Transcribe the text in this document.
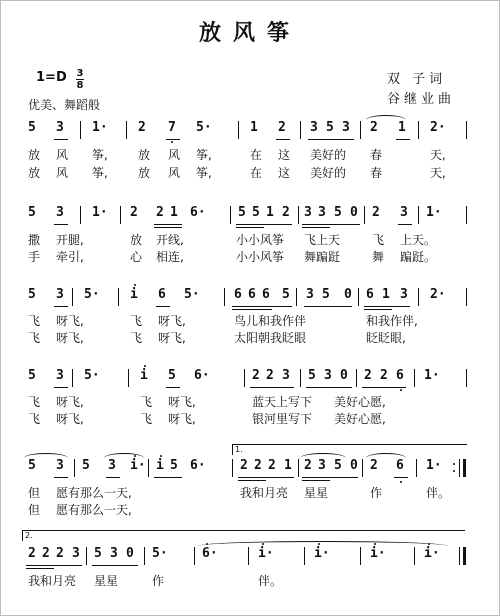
放风筝
1=D 3
8
优美、舞蹈般
双 子词
谷继业曲
5 3 1· 2 7 5·	1 2 3 5 3 2 1 2·
放 风 筝,	放 风 筝,	在 这 美好的 春	天,
放 风 筝,	放 风 筝,	在 这 美好的 春	天,
5 3 1· 2 2 1 6· 5 5 1 2 3 3 5 0 2 3 1·
撒 开腿,	放 开线,	小小风筝 飞上天	飞 上天。
手 牵引,	心 相连,	小小风筝 舞蹁跹	舞 蹁跹。
5 3 5· i 6 5·	6 6 6 5 3 5 0 6 1 3 2·
飞 呀飞,	飞 呀飞,	鸟儿和我作伴	和我作伴,
飞 呀飞,	飞 呀飞,	太阳朝我眨眼	眨眨眼,
5 3 5·	i 5 6·	2 2 3 5 3 0 2 2 6 1·
飞 呀飞,	飞 呀飞,	蓝天上写下 美好心愿,
飞 呀飞,	飞 呀飞,	银河里写下 美好心愿,
1.
5 3 5 3 i· i 5 6·	2 2 2 1 2 3 5 0 2 6 1·
但 愿有那么一天,	我和月亮 星星	作	伴。
但 愿有那么一天,
2.
2 2 2 3 5 3 0 5·	6·	i·	i·	i·	i·
我和月亮 星星	作	伴。
